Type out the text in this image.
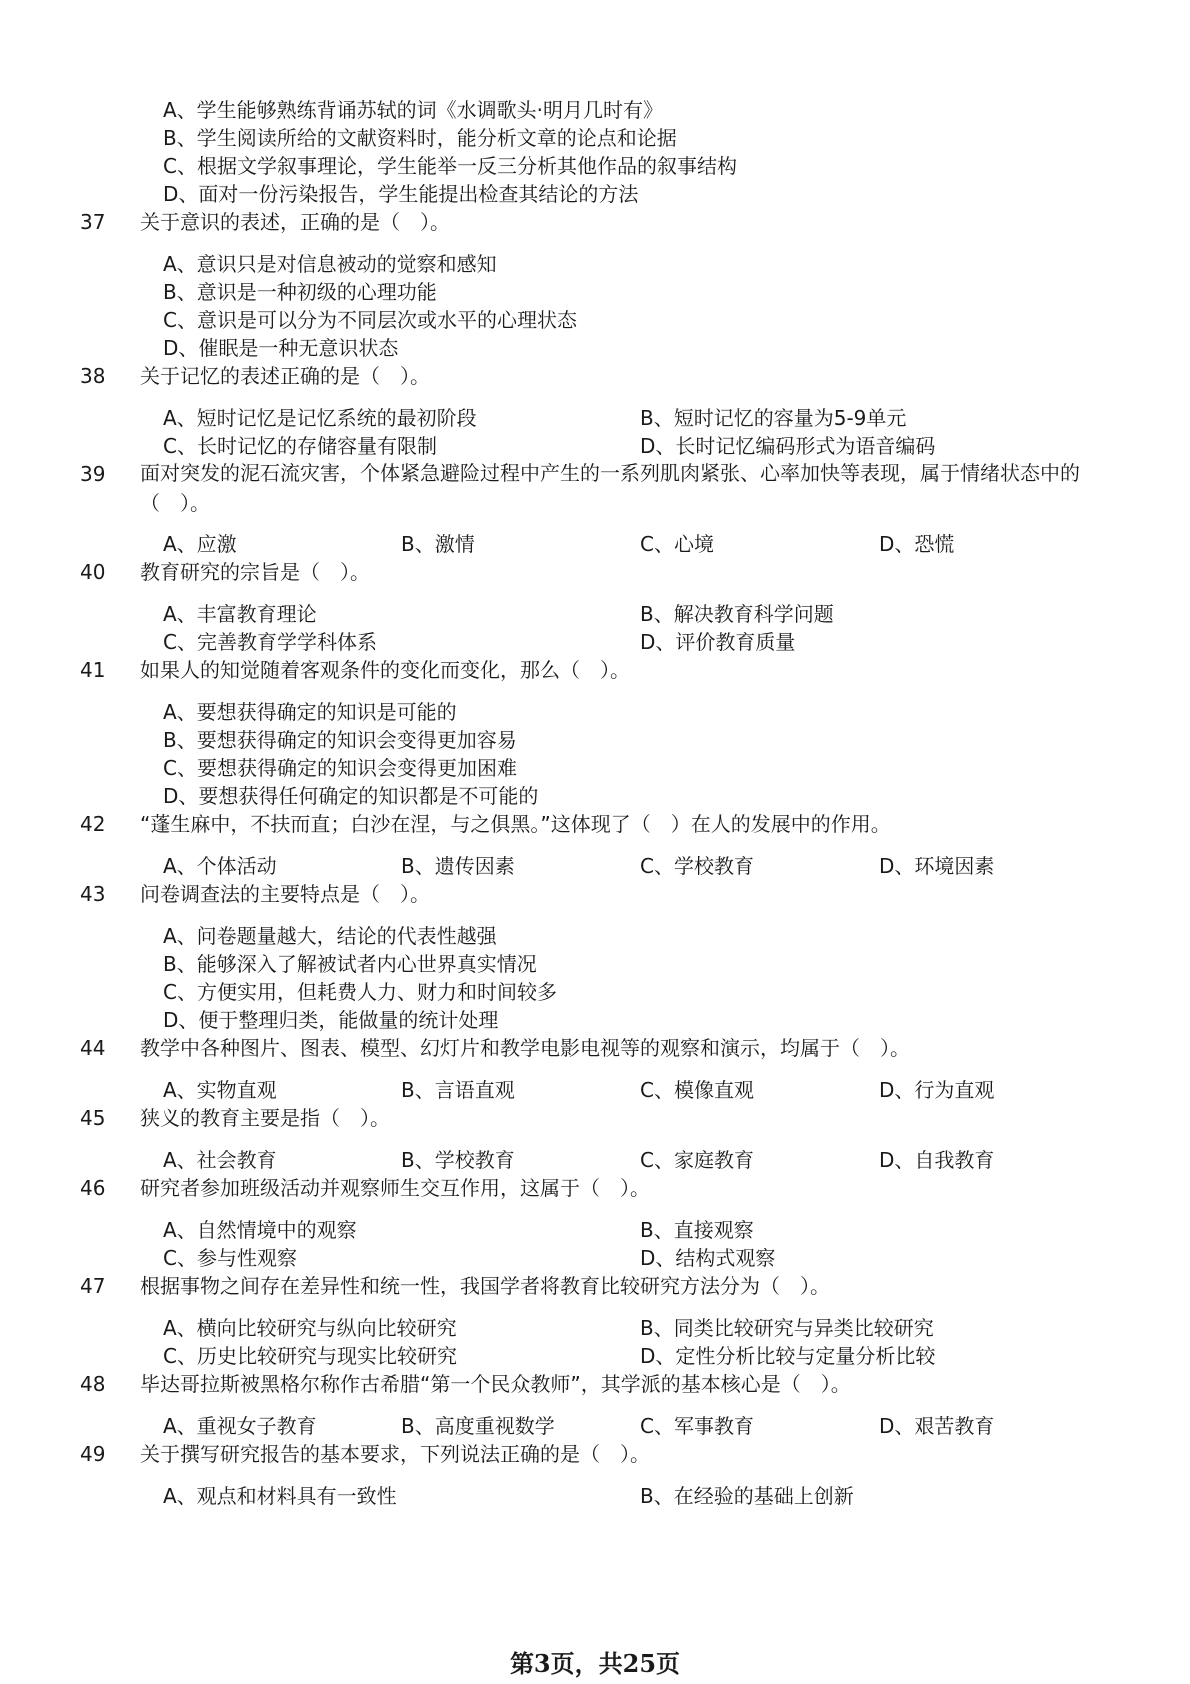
A、学生能够熟练背诵苏轼的词《水调歌头·明月几时有》
B、学生阅读所给的文献资料时，能分析文章的论点和论据
C、根据文学叙事理论，学生能举一反三分析其他作品的叙事结构
D、面对一份污染报告，学生能提出检查其结论的方法
37 关于意识的表述，正确的是（　）。
A、意识只是对信息被动的觉察和感知
B、意识是一种初级的心理功能
C、意识是可以分为不同层次或水平的心理状态
D、催眠是一种无意识状态
38 关于记忆的表述正确的是（　）。
A、短时记忆是记忆系统的最初阶段	B、短时记忆的容量为5-9单元
C、长时记忆的存储容量有限制	D、长时记忆编码形式为语音编码
39 面对突发的泥石流灾害，个体紧急避险过程中产生的一系列肌肉紧张、心率加快等表现，属于情绪状态中的（　）。
A、应激	B、激情	C、心境	D、恐慌
40 教育研究的宗旨是（　）。
A、丰富教育理论	B、解决教育科学问题
C、完善教育学学科体系	D、评价教育质量
41 如果人的知觉随着客观条件的变化而变化，那么（　）。
A、要想获得确定的知识是可能的
B、要想获得确定的知识会变得更加容易
C、要想获得确定的知识会变得更加困难
D、要想获得任何确定的知识都是不可能的
42 “蓬生麻中，不扶而直；白沙在涅，与之俱黑。”这体现了（　）在人的发展中的作用。
A、个体活动	B、遗传因素	C、学校教育	D、环境因素
43 问卷调查法的主要特点是（　）。
A、问卷题量越大，结论的代表性越强
B、能够深入了解被试者内心世界真实情况
C、方便实用，但耗费人力、财力和时间较多
D、便于整理归类，能做量的统计处理
44 教学中各种图片、图表、模型、幻灯片和教学电影电视等的观察和演示，均属于（　）。
A、实物直观	B、言语直观	C、模像直观	D、行为直观
45 狭义的教育主要是指（　）。
A、社会教育	B、学校教育	C、家庭教育	D、自我教育
46 研究者参加班级活动并观察师生交互作用，这属于（　）。
A、自然情境中的观察	B、直接观察
C、参与性观察	D、结构式观察
47 根据事物之间存在差异性和统一性，我国学者将教育比较研究方法分为（　）。
A、横向比较研究与纵向比较研究	B、同类比较研究与异类比较研究
C、历史比较研究与现实比较研究	D、定性分析比较与定量分析比较
48 毕达哥拉斯被黑格尔称作古希腊“第一个民众教师”，其学派的基本核心是（　）。
A、重视女子教育	B、高度重视数学	C、军事教育	D、艰苦教育
49 关于撰写研究报告的基本要求，下列说法正确的是（　）。
A、观点和材料具有一致性	B、在经验的基础上创新
第3页，共25页
